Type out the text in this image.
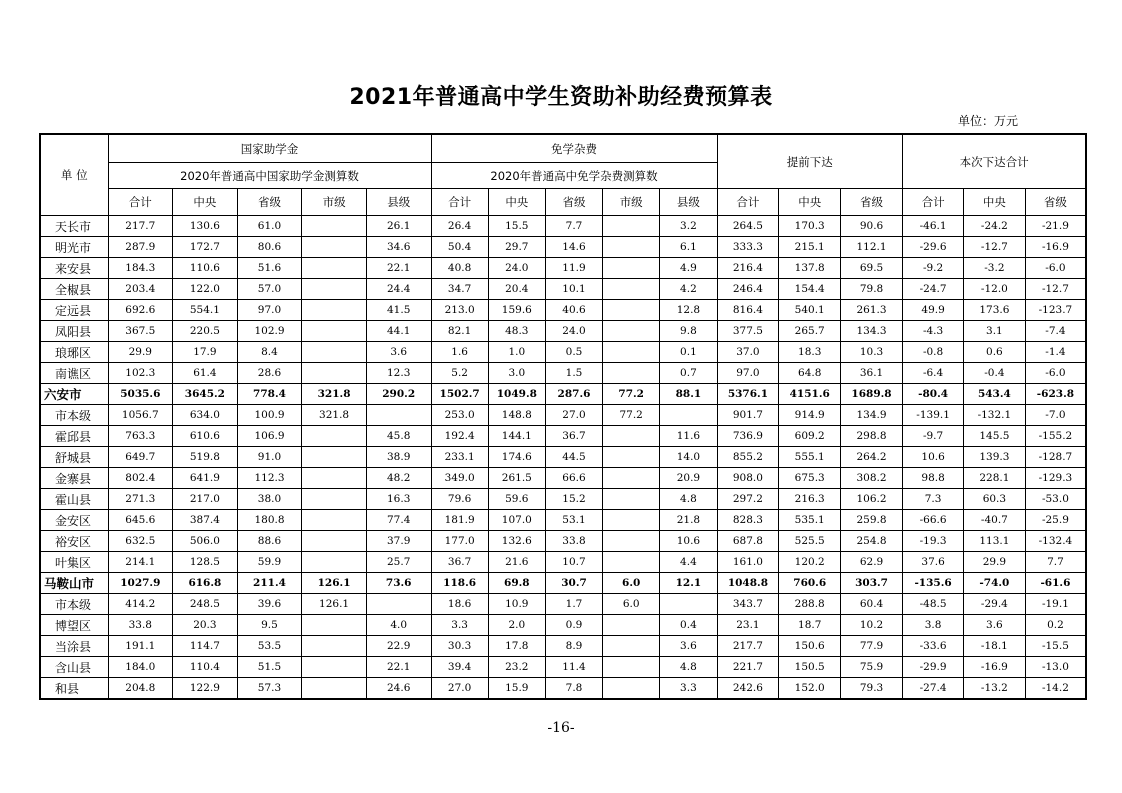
2021年普通高中学生资助补助经费预算表
单位：万元
单 位	国家助学金					免学杂费					提前下达			本次下达合计		
	2020年普通高中国家助学金测算数					2020年普通高中免学杂费测算数										
	合计	中央	省级	市级	县级	合计	中央	省级	市级	县级	合计	中央	省级	合计	中央	省级
天长市	217.7	130.6	61.0		26.1	26.4	15.5	7.7		3.2	264.5	170.3	90.6	-46.1	-24.2	-21.9
明光市	287.9	172.7	80.6		34.6	50.4	29.7	14.6		6.1	333.3	215.1	112.1	-29.6	-12.7	-16.9
来安县	184.3	110.6	51.6		22.1	40.8	24.0	11.9		4.9	216.4	137.8	69.5	-9.2	-3.2	-6.0
全椒县	203.4	122.0	57.0		24.4	34.7	20.4	10.1		4.2	246.4	154.4	79.8	-24.7	-12.0	-12.7
定远县	692.6	554.1	97.0		41.5	213.0	159.6	40.6		12.8	816.4	540.1	261.3	49.9	173.6	-123.7
凤阳县	367.5	220.5	102.9		44.1	82.1	48.3	24.0		9.8	377.5	265.7	134.3	-4.3	3.1	-7.4
琅琊区	29.9	17.9	8.4		3.6	1.6	1.0	0.5		0.1	37.0	18.3	10.3	-0.8	0.6	-1.4
南谯区	102.3	61.4	28.6		12.3	5.2	3.0	1.5		0.7	97.0	64.8	36.1	-6.4	-0.4	-6.0
六安市	5035.6	3645.2	778.4	321.8	290.2	1502.7	1049.8	287.6	77.2	88.1	5376.1	4151.6	1689.8	-80.4	543.4	-623.8
市本级	1056.7	634.0	100.9	321.8		253.0	148.8	27.0	77.2		901.7	914.9	134.9	-139.1	-132.1	-7.0
霍邱县	763.3	610.6	106.9		45.8	192.4	144.1	36.7		11.6	736.9	609.2	298.8	-9.7	145.5	-155.2
舒城县	649.7	519.8	91.0		38.9	233.1	174.6	44.5		14.0	855.2	555.1	264.2	10.6	139.3	-128.7
金寨县	802.4	641.9	112.3		48.2	349.0	261.5	66.6		20.9	908.0	675.3	308.2	98.8	228.1	-129.3
霍山县	271.3	217.0	38.0		16.3	79.6	59.6	15.2		4.8	297.2	216.3	106.2	7.3	60.3	-53.0
金安区	645.6	387.4	180.8		77.4	181.9	107.0	53.1		21.8	828.3	535.1	259.8	-66.6	-40.7	-25.9
裕安区	632.5	506.0	88.6		37.9	177.0	132.6	33.8		10.6	687.8	525.5	254.8	-19.3	113.1	-132.4
叶集区	214.1	128.5	59.9		25.7	36.7	21.6	10.7		4.4	161.0	120.2	62.9	37.6	29.9	7.7
马鞍山市	1027.9	616.8	211.4	126.1	73.6	118.6	69.8	30.7	6.0	12.1	1048.8	760.6	303.7	-135.6	-74.0	-61.6
市本级	414.2	248.5	39.6	126.1		18.6	10.9	1.7	6.0		343.7	288.8	60.4	-48.5	-29.4	-19.1
博望区	33.8	20.3	9.5		4.0	3.3	2.0	0.9		0.4	23.1	18.7	10.2	3.8	3.6	0.2
当涂县	191.1	114.7	53.5		22.9	30.3	17.8	8.9		3.6	217.7	150.6	77.9	-33.6	-18.1	-15.5
含山县	184.0	110.4	51.5		22.1	39.4	23.2	11.4		4.8	221.7	150.5	75.9	-29.9	-16.9	-13.0
和县	204.8	122.9	57.3		24.6	27.0	15.9	7.8		3.3	242.6	152.0	79.3	-27.4	-13.2	-14.2
-16-
